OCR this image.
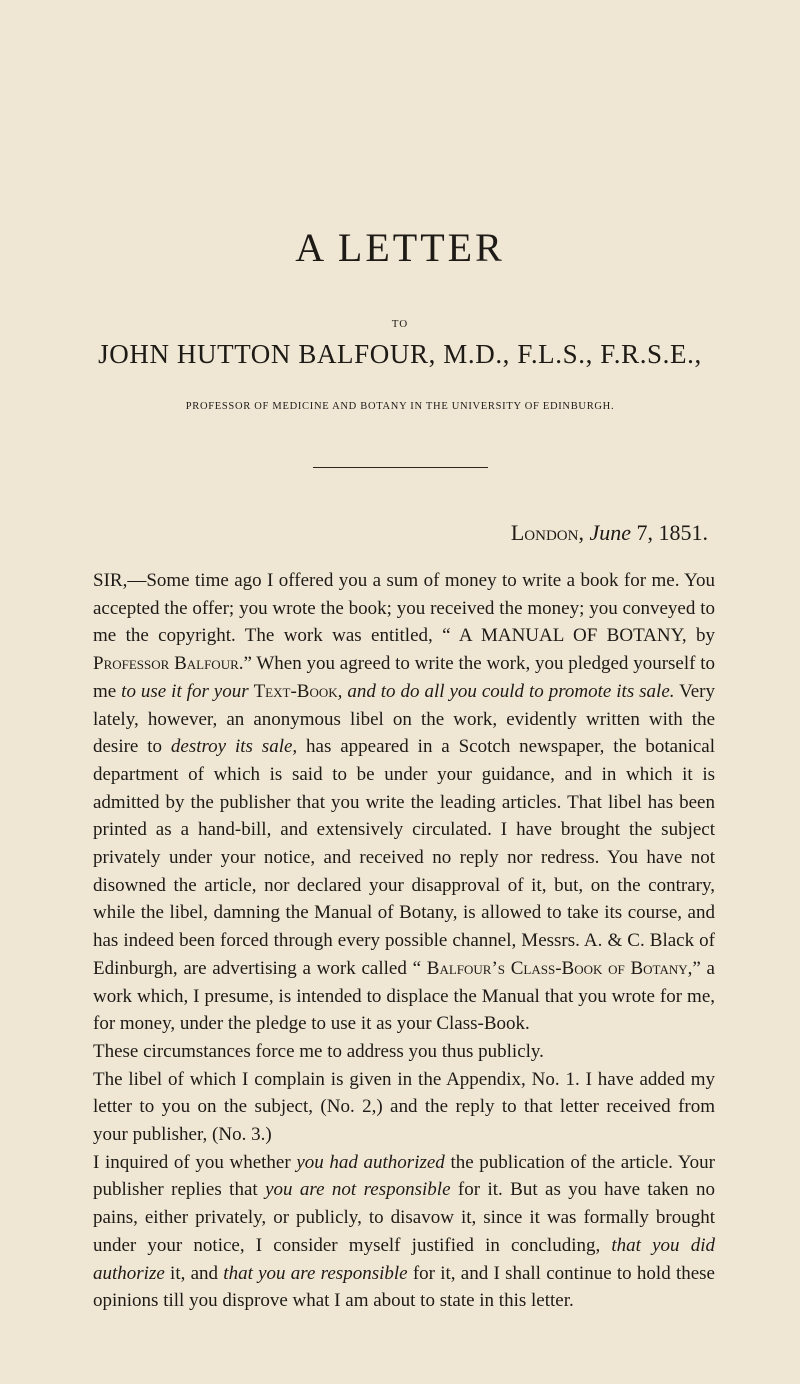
A LETTER
TO
JOHN HUTTON BALFOUR, M.D., F.L.S., F.R.S.E.,
PROFESSOR OF MEDICINE AND BOTANY IN THE UNIVERSITY OF EDINBURGH.
London, June 7, 1851.

SIR,—Some time ago I offered you a sum of money to write a book for me. You accepted the offer; you wrote the book; you received the money; you conveyed to me the copyright. The work was entitled, “ A MANUAL OF BOTANY, by Professor Balfour.” When you agreed to write the work, you pledged yourself to me to use it for your Text-Book, and to do all you could to promote its sale. Very lately, however, an anonymous libel on the work, evidently written with the desire to destroy its sale, has appeared in a Scotch newspaper, the botanical department of which is said to be under your guidance, and in which it is admitted by the publisher that you write the leading articles. That libel has been printed as a hand-bill, and extensively circulated. I have brought the subject privately under your notice, and received no reply nor redress. You have not disowned the article, nor declared your disapproval of it, but, on the contrary, while the libel, damning the Manual of Botany, is allowed to take its course, and has indeed been forced through every possible channel, Messrs. A. & C. Black of Edinburgh, are advertising a work called “ Balfour’s Class-Book of Botany,” a work which, I presume, is intended to displace the Manual that you wrote for me, for money, under the pledge to use it as your Class-Book.

These circumstances force me to address you thus publicly.

The libel of which I complain is given in the Appendix, No. 1. I have added my letter to you on the subject, (No. 2,) and the reply to that letter received from your publisher, (No. 3.)

I inquired of you whether you had authorized the publication of the article. Your publisher replies that you are not responsible for it. But as you have taken no pains, either privately, or publicly, to disavow it, since it was formally brought under your notice, I consider myself justified in concluding, that you did authorize it, and that you are responsible for it, and I shall continue to hold these opinions till you disprove what I am about to state in this letter.
